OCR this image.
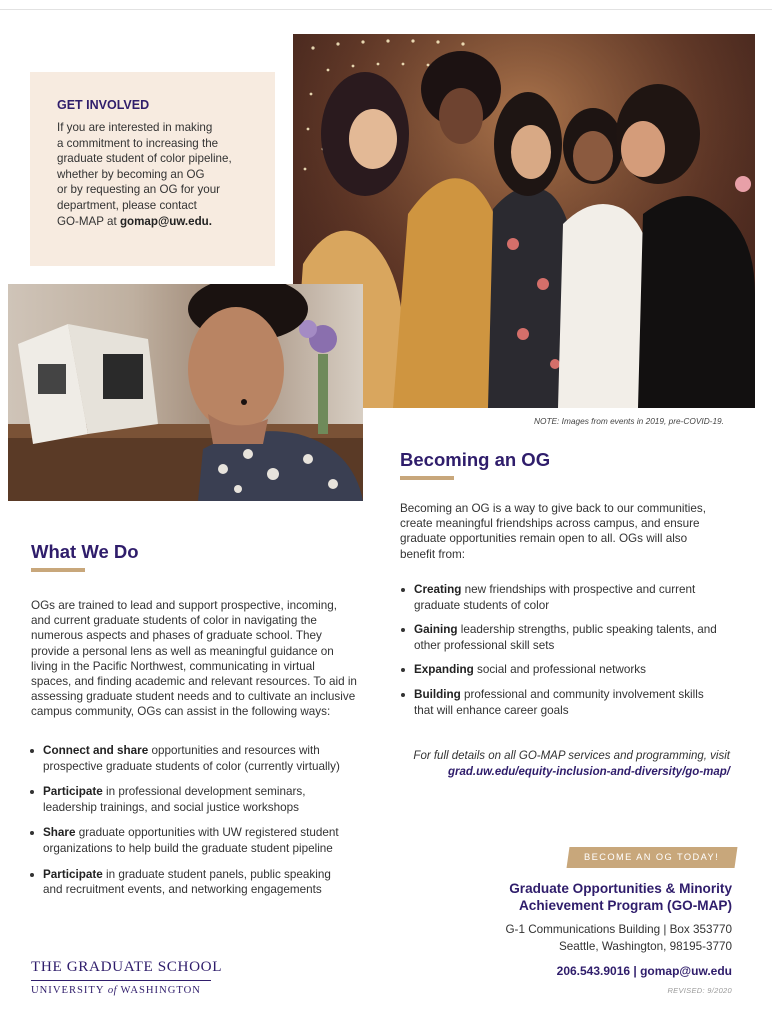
GET INVOLVED
If you are interested in making
a commitment to increasing the
graduate student of color pipeline,
whether by becoming an OG
or by requesting an OG for your
department, please contact
GO-MAP at gomap@uw.edu.
NOTE: Images from events in 2019, pre-COVID-19.
Becoming an OG
Becoming an OG is a way to give back to our communities,
create meaningful friendships across campus, and ensure
graduate opportunities remain open to all. OGs will also
benefit from:
Creating new friendships with prospective and current
graduate students of color
Gaining leadership strengths, public speaking talents, and
other professional skill sets
Expanding social and professional networks
Building professional and community involvement skills
that will enhance career goals
For full details on all GO-MAP services and programming, visit
grad.uw.edu/equity-inclusion-and-diversity/go-map/
What We Do
OGs are trained to lead and support prospective, incoming,
and current graduate students of color in navigating the
numerous aspects and phases of graduate school. They
provide a personal lens as well as meaningful guidance on
living in the Pacific Northwest, communicating in virtual
spaces, and finding academic and relevant resources. To aid in
assessing graduate student needs and to cultivate an inclusive
campus community, OGs can assist in the following ways:
Connect and share opportunities and resources with
prospective graduate students of color (currently virtually)
Participate in professional development seminars,
leadership trainings, and social justice workshops
Share graduate opportunities with UW registered student
organizations to help build the graduate student pipeline
Participate in graduate student panels, public speaking
and recruitment events, and networking engagements
BECOME AN OG TODAY!
Graduate Opportunities & Minority
Achievement Program (GO-MAP)
G-1 Communications Building | Box 353770
Seattle, Washington, 98195-3770
206.543.9016 | gomap@uw.edu
REVISED: 9/2020
THE GRADUATE SCHOOL
UNIVERSITY of WASHINGTON
